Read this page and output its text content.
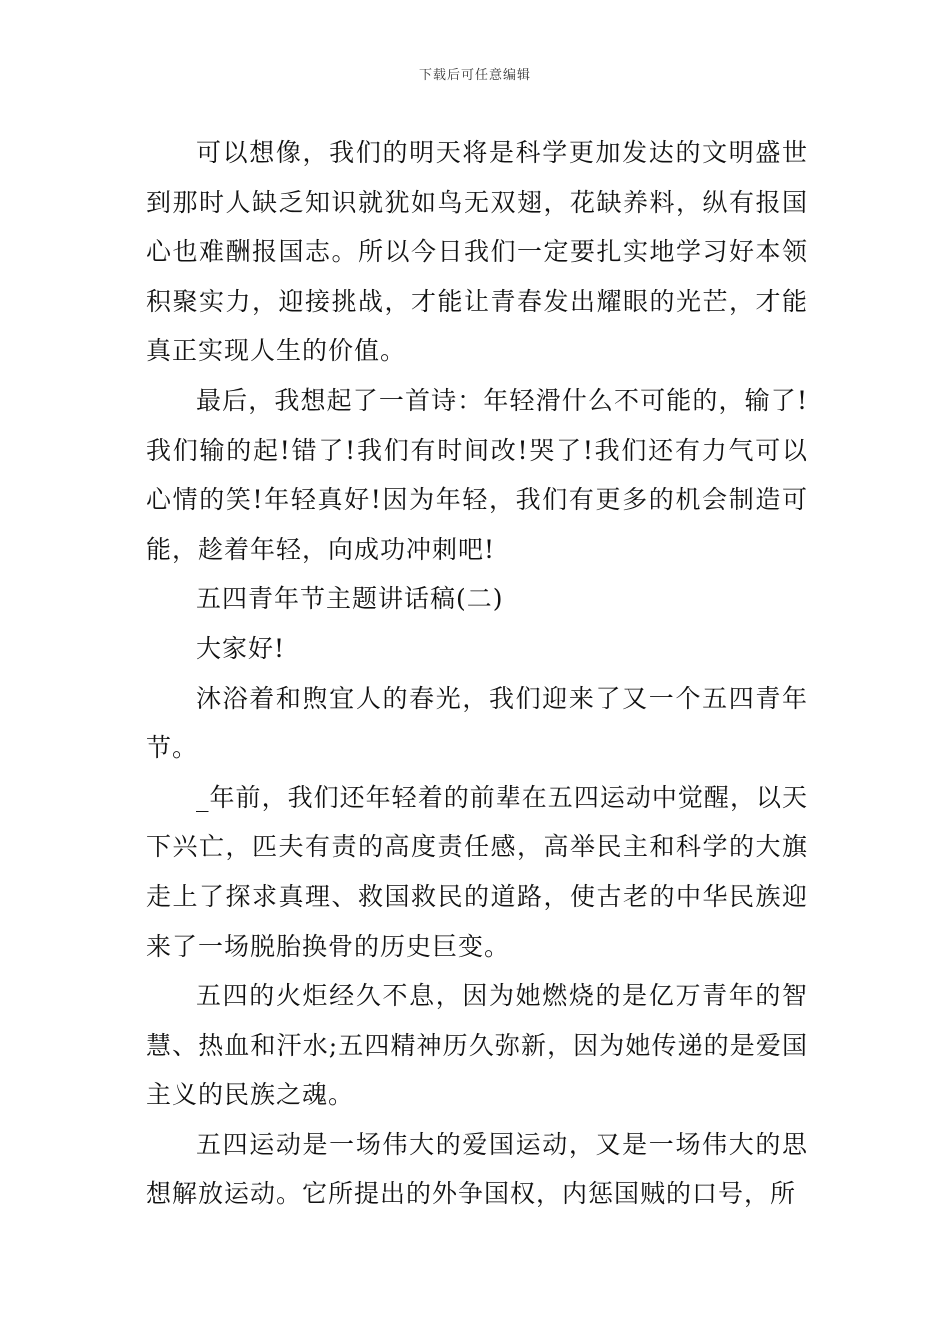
下载后可任意编辑

可以想像，我们的明天将是科学更加发达的文明盛世到那时人缺乏知识就犹如鸟无双翅，花缺养料，纵有报国心也难酬报国志。所以今日我们一定要扎实地学习好本领积聚实力，迎接挑战，才能让青春发出耀眼的光芒，才能真正实现人生的价值。

最后，我想起了一首诗：年轻滑什么不可能的，输了!我们输的起!错了!我们有时间改!哭了!我们还有力气可以心情的笑!年轻真好!因为年轻，我们有更多的机会制造可能，趁着年轻，向成功冲刺吧!

五四青年节主题讲话稿(二)

大家好!

沐浴着和煦宜人的春光，我们迎来了又一个五四青年节。

_年前，我们还年轻着的前辈在五四运动中觉醒，以天下兴亡，匹夫有责的高度责任感，高举民主和科学的大旗走上了探求真理、救国救民的道路，使古老的中华民族迎来了一场脱胎换骨的历史巨变。

五四的火炬经久不息，因为她燃烧的是亿万青年的智慧、热血和汗水;五四精神历久弥新，因为她传递的是爱国主义的民族之魂。

五四运动是一场伟大的爱国运动，又是一场伟大的思想解放运动。它所提出的外争国权，内惩国贼的口号，所
